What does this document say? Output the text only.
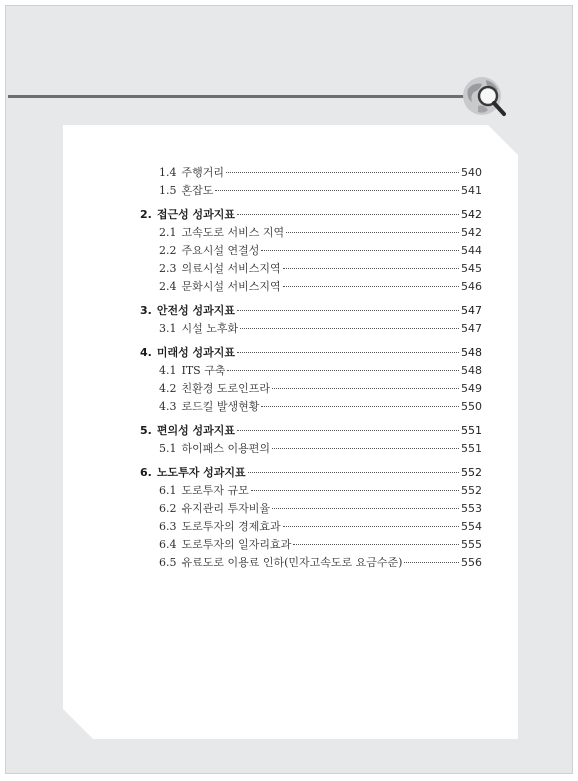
1.4 주행거리	540
1.5 혼잡도	541
2. 접근성 성과지표	542
2.1 고속도로 서비스 지역	542
2.2 주요시설 연결성	544
2.3 의료시설 서비스지역	545
2.4 문화시설 서비스지역	546
3. 안전성 성과지표	547
3.1 시설 노후화	547
4. 미래성 성과지표	548
4.1 ITS 구축	548
4.2 친환경 도로인프라	549
4.3 로드킬 발생현황	550
5. 편의성 성과지표	551
5.1 하이패스 이용편의	551
6. 노도투자 성과지표	552
6.1 도로투자 규모	552
6.2 유지관리 투자비율	553
6.3 도로투자의 경제효과	554
6.4 도로투자의 일자리효과	555
6.5 유료도로 이용료 인하(민자고속도로 요금수준)	556
